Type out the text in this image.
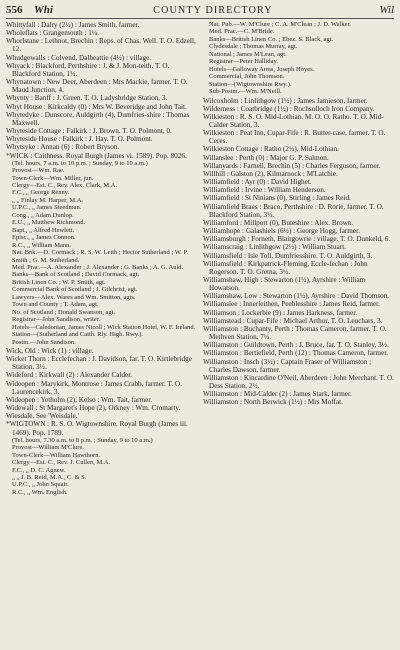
556	Whi	COUNTY DIRECTORY	Wil

Whittyfall : Dalry (2½) : James Smith, farmer.

Wholeflats : Grangemouth : 1¼.

Whorlstane : Lethnot, Brechin : Reps. of Chas. Well. T. O. Edzell, 12.

Whudgewalls : Colvend, Dalbeattie (4½) : village.

Whyack : Blackford, Perthshire : J. & J. Mon-teith. T. O. Blackford Station, 1½.

Whynatown : New Deer, Aberdeen : Mrs Mackie, farmer. T. O. Maud Junction, 4.

Whynty : Banff : J. Green. T. O. Ladysbridge Station, 3.

Whyt House : Kirkcaldy (0) : Mrs W. Beveridge and John Tait.

Whytedyke : Dunscore, Auldgirth (4), Dumfries-shire : Thomas Maxwell.

Whyteside Cottage : Falkirk : J. Brown. T. O. Polmont, 0.

Whyteside House : Falkirk : J. Hay. T. O. Polmont.

Whytsyke : Annan (6) : Robert Bryson.

*WICK : Caithness. Royal Burgh (James vi. 1589). Pop. 8026.

(Tel. hours, 7 a.m. to 10 p.m. ; Sunday, 9 to 10 a.m.)

Provost—Wm. Rae.

Town-Clerk—Wm. Miller, jun.

Clergy—Est. C., Rev. Alex. Clark, M.A.

F.C., „ George Renny.

„ „ Finlay M. Harper, M.A.

U.P.C., „ James Steedman.

Cong., „ Adam Dunlop.

E.U., „ Matthew Richmond.

Bapt., „ Alfred Hewlett.

Episc., „ James Connon.

R.C., „ William Mann.

Nat. Bnk.—D. Cormack ; R. S. W. Leith ; Hector Sutherland ; W. P. Smith ; G. M. Sutherland.

Med. Prac.—A. Alexander ; J. Alexander ; G. Banks ; A. G. Auld.

Banks—Bank of Scotland ; David Cormack, agt.

British Linen Co. ; W. P. Smith, agt.

Commercial Bank of Scotland ; J. Gilchrist, agt.

Lawyers—Alex. Wares and Wm. Smitton, agts.

Town and County ; T. Adam, agt.

No. of Scotland ; Donald Swanson, agt.

Registrar—John Sandison, writer.

Hotels—Caledonian, James Nicoll ; Wick Station Hotel, W. F. Ireland.

Station—(Sutherland and Caith. Rly. High. Rwy.).

Postm.—John Sandison.

Wick, Old : Wick (1) : village.

Wicket Thorn : Ecclefechan : J. Davidson, far. T. O. Kirtlebridge Station, 3½.

Wideford : Kirkwall (2) : Alexander Calder.

Wideopen : Marykirk, Montrose : James Crabb, farmer. T. O. Laurencekirk, 3.

Wideopen : Yetholm (2), Kelso : Wm. Tait, farmer.

Widewall : St Margaret's Hope (2), Orkney : Wm. Cromarty.

Wiesdale. See 'Weisdale.'

*WIGTOWN : R. S. O. Wigtownshire. Royal Burgh (James iii. 1469). Pop. 1789.

(Tel. hours, 7.30 a.m. to 8 p.m. ; Sunday, 9 to 10 a.m.)

Provost—William M'Clure.

Town-Clerk—William Hawthorn.

Clergy—Est. C., Rev. J. Cullen, M.A.

F.C., „ D. C. Agnew.

„ „ J. B. Reid, M.A., C. & S.

U.P.C., „ John Squair.

R.C., „ Wm. English.

Nat. Pub.—W. M'Clure ; C. A. M'Clean ; J. D. Walker.

Med. Prac.—C. M'Bride.

Banks—British Linen Co. ; Ebez. S. Black, agt.

Clydesdale ; Thomas Murray, agt.

National ; James M'Lean, agt.

Registrar—Peter Halliday.

Hotels—Galloway Arms, Joseph Hoyes.

Commercial, John Thomson.

Station—(Wigtownshire Rwy.).

Sub-Postm.—Wm. M'Neill.

Wilcoxholm : Linlithgow (1½) : James Jamieson, farmer.

Wilderness : Coatbridge (1½) : Rochsolloch Iron Company.

Wilkieston : R. S. O. Mid-Lothian. M. O. O. Ratho. T. O. Mid-Calder Station, 3.

Wilkieston : Peat Inn, Cupar-Fife : R. Butter-case, farmer. T. O. Ceres.

Wilkieston Cottage : Ratho (2½), Mid-Lothian.

Willanslee : Perth (0) : Major G. P. Salmon.

Willanyards : Farnell, Brechin (5) : Charles Ferguson, farmer.

Willhill : Galston (2), Kilmarnock : M'Latchie.

Williamfield : Ayr (0) : David Highet.

Williamfield : Irvine : William Henderson.

Williamfield : St Ninians (0), Stirling : James Reid.

Williamfield Braes : Braco, Perthshire : D. Rorie, farmer. T. O. Blackford Station, 3½.

Williamford : Millport (0), Buteshire : Alex. Brown.

Williamhope : Galashiels (6½) : George Hogg, farmer.

Williamsburgh : Forneth, Blairgowrie : village. T. O. Dunkeld, 6.

Williamscraig : Linlithgow (2½) : William Stuart.

Williamsfield : Isle Toll, Dumfriesshire. T. O. Auldgirth, 3.

Williamsfield : Kirkpatrick-Fleming, Eccle-fechan : John Rogerson. T. O. Gretna, 3½.

Williamshaw, High : Stewarton (1½), Ayrshire : William Howatson.

Williamshaw, Low : Stewarton (1½), Ayrshire : David Thomson.

Williamslee : Innerleithen, Peeblesshire : James Reid, farmer.

Williamson : Lockerbie (9) : James Harkness, farmer.

Williamstead : Cupar-Fife : Michael Arthur. T. O. Leuchars, 3.

Williamston : Buchanty, Perth : Thomas Cameron, farmer. T. O. Methven Station, 7½.

Williamston : Guildtown, Perth : J. Bruce, far. T. O. Stanley, 3½.

Williamston : Bertiefield, Perth (12) : Thomas Cameron, farmer.

Williamston : Insch (3½) : Captain Fraser of Williamston ; Charles Dawson, farmer.

Williamston : Kincardine O'Neil, Aberdeen : John Merchant. T. O. Dess Station, 2½.

Williamston : Mid-Calder (2) : James Stark, farmer.

Williamston : North Berwick (1½) : Mrs Moffat.
